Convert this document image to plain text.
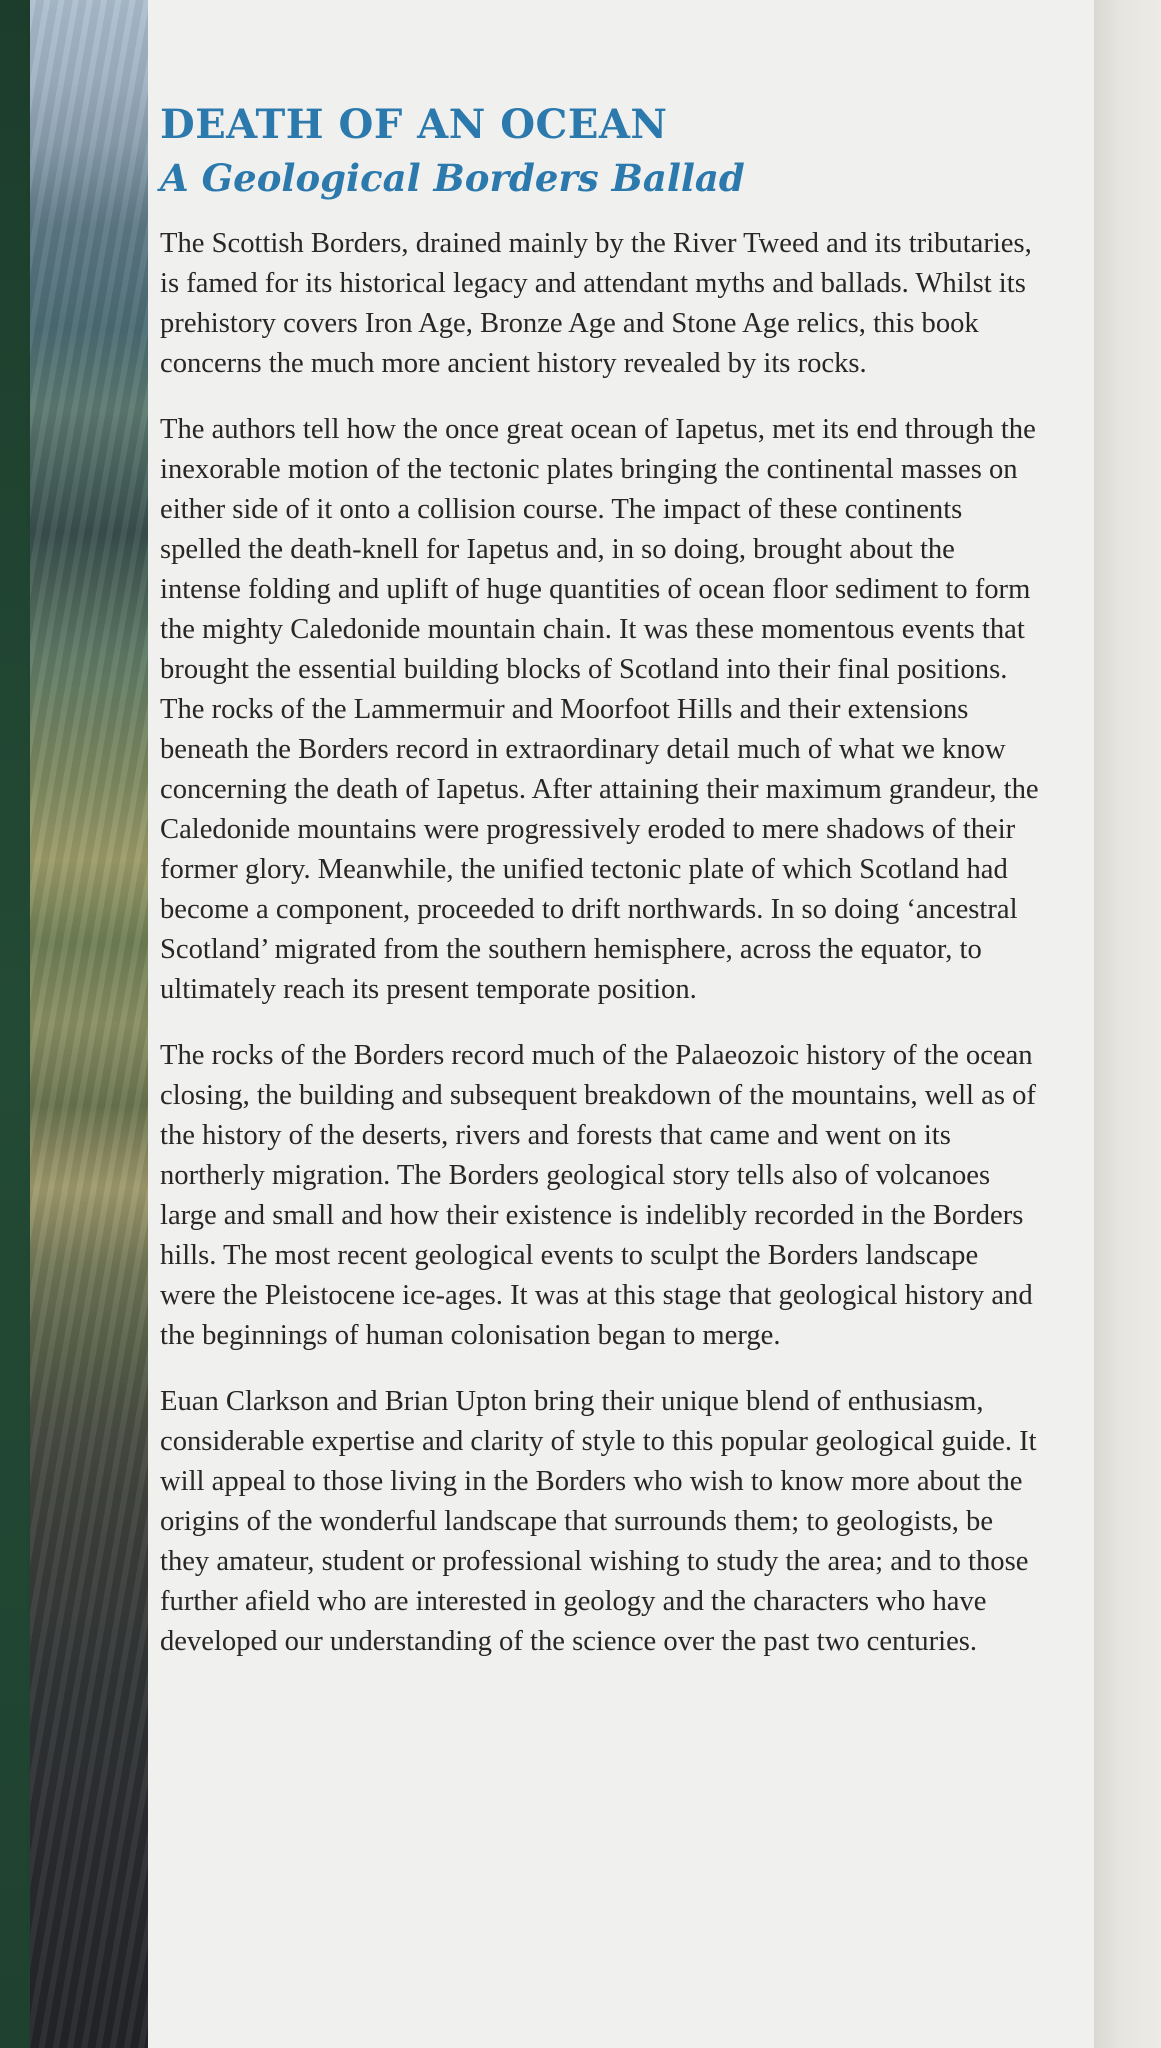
DEATH OF AN OCEAN
A Geological Borders Ballad

The Scottish Borders, drained mainly by the River Tweed and its tributaries, is famed for its historical legacy and attendant myths and ballads. Whilst its prehistory covers Iron Age, Bronze Age and Stone Age relics, this book concerns the much more ancient history revealed by its rocks.

The authors tell how the once great ocean of Iapetus, met its end through the inexorable motion of the tectonic plates bringing the continental masses on either side of it onto a collision course. The impact of these continents spelled the death-knell for Iapetus and, in so doing, brought about the intense folding and uplift of huge quantities of ocean floor sediment to form the mighty Caledonide mountain chain. It was these momentous events that brought the essential building blocks of Scotland into their final positions. The rocks of the Lammermuir and Moorfoot Hills and their extensions beneath the Borders record in extraordinary detail much of what we know concerning the death of Iapetus. After attaining their maximum grandeur, the Caledonide mountains were progressively eroded to mere shadows of their former glory. Meanwhile, the unified tectonic plate of which Scotland had become a component, proceeded to drift northwards. In so doing ‘ancestral Scotland’ migrated from the southern hemisphere, across the equator, to ultimately reach its present temporate position.

The rocks of the Borders record much of the Palaeozoic history of the ocean closing, the building and subsequent breakdown of the mountains, well as of the history of the deserts, rivers and forests that came and went on its northerly migration. The Borders geological story tells also of volcanoes large and small and how their existence is indelibly recorded in the Borders hills. The most recent geological events to sculpt the Borders landscape were the Pleistocene ice-ages. It was at this stage that geological history and the beginnings of human colonisation began to merge.

Euan Clarkson and Brian Upton bring their unique blend of enthusiasm, considerable expertise and clarity of style to this popular geological guide. It will appeal to those living in the Borders who wish to know more about the origins of the wonderful landscape that surrounds them; to geologists, be they amateur, student or professional wishing to study the area; and to those further afield who are interested in geology and the characters who have developed our understanding of the science over the past two centuries.
